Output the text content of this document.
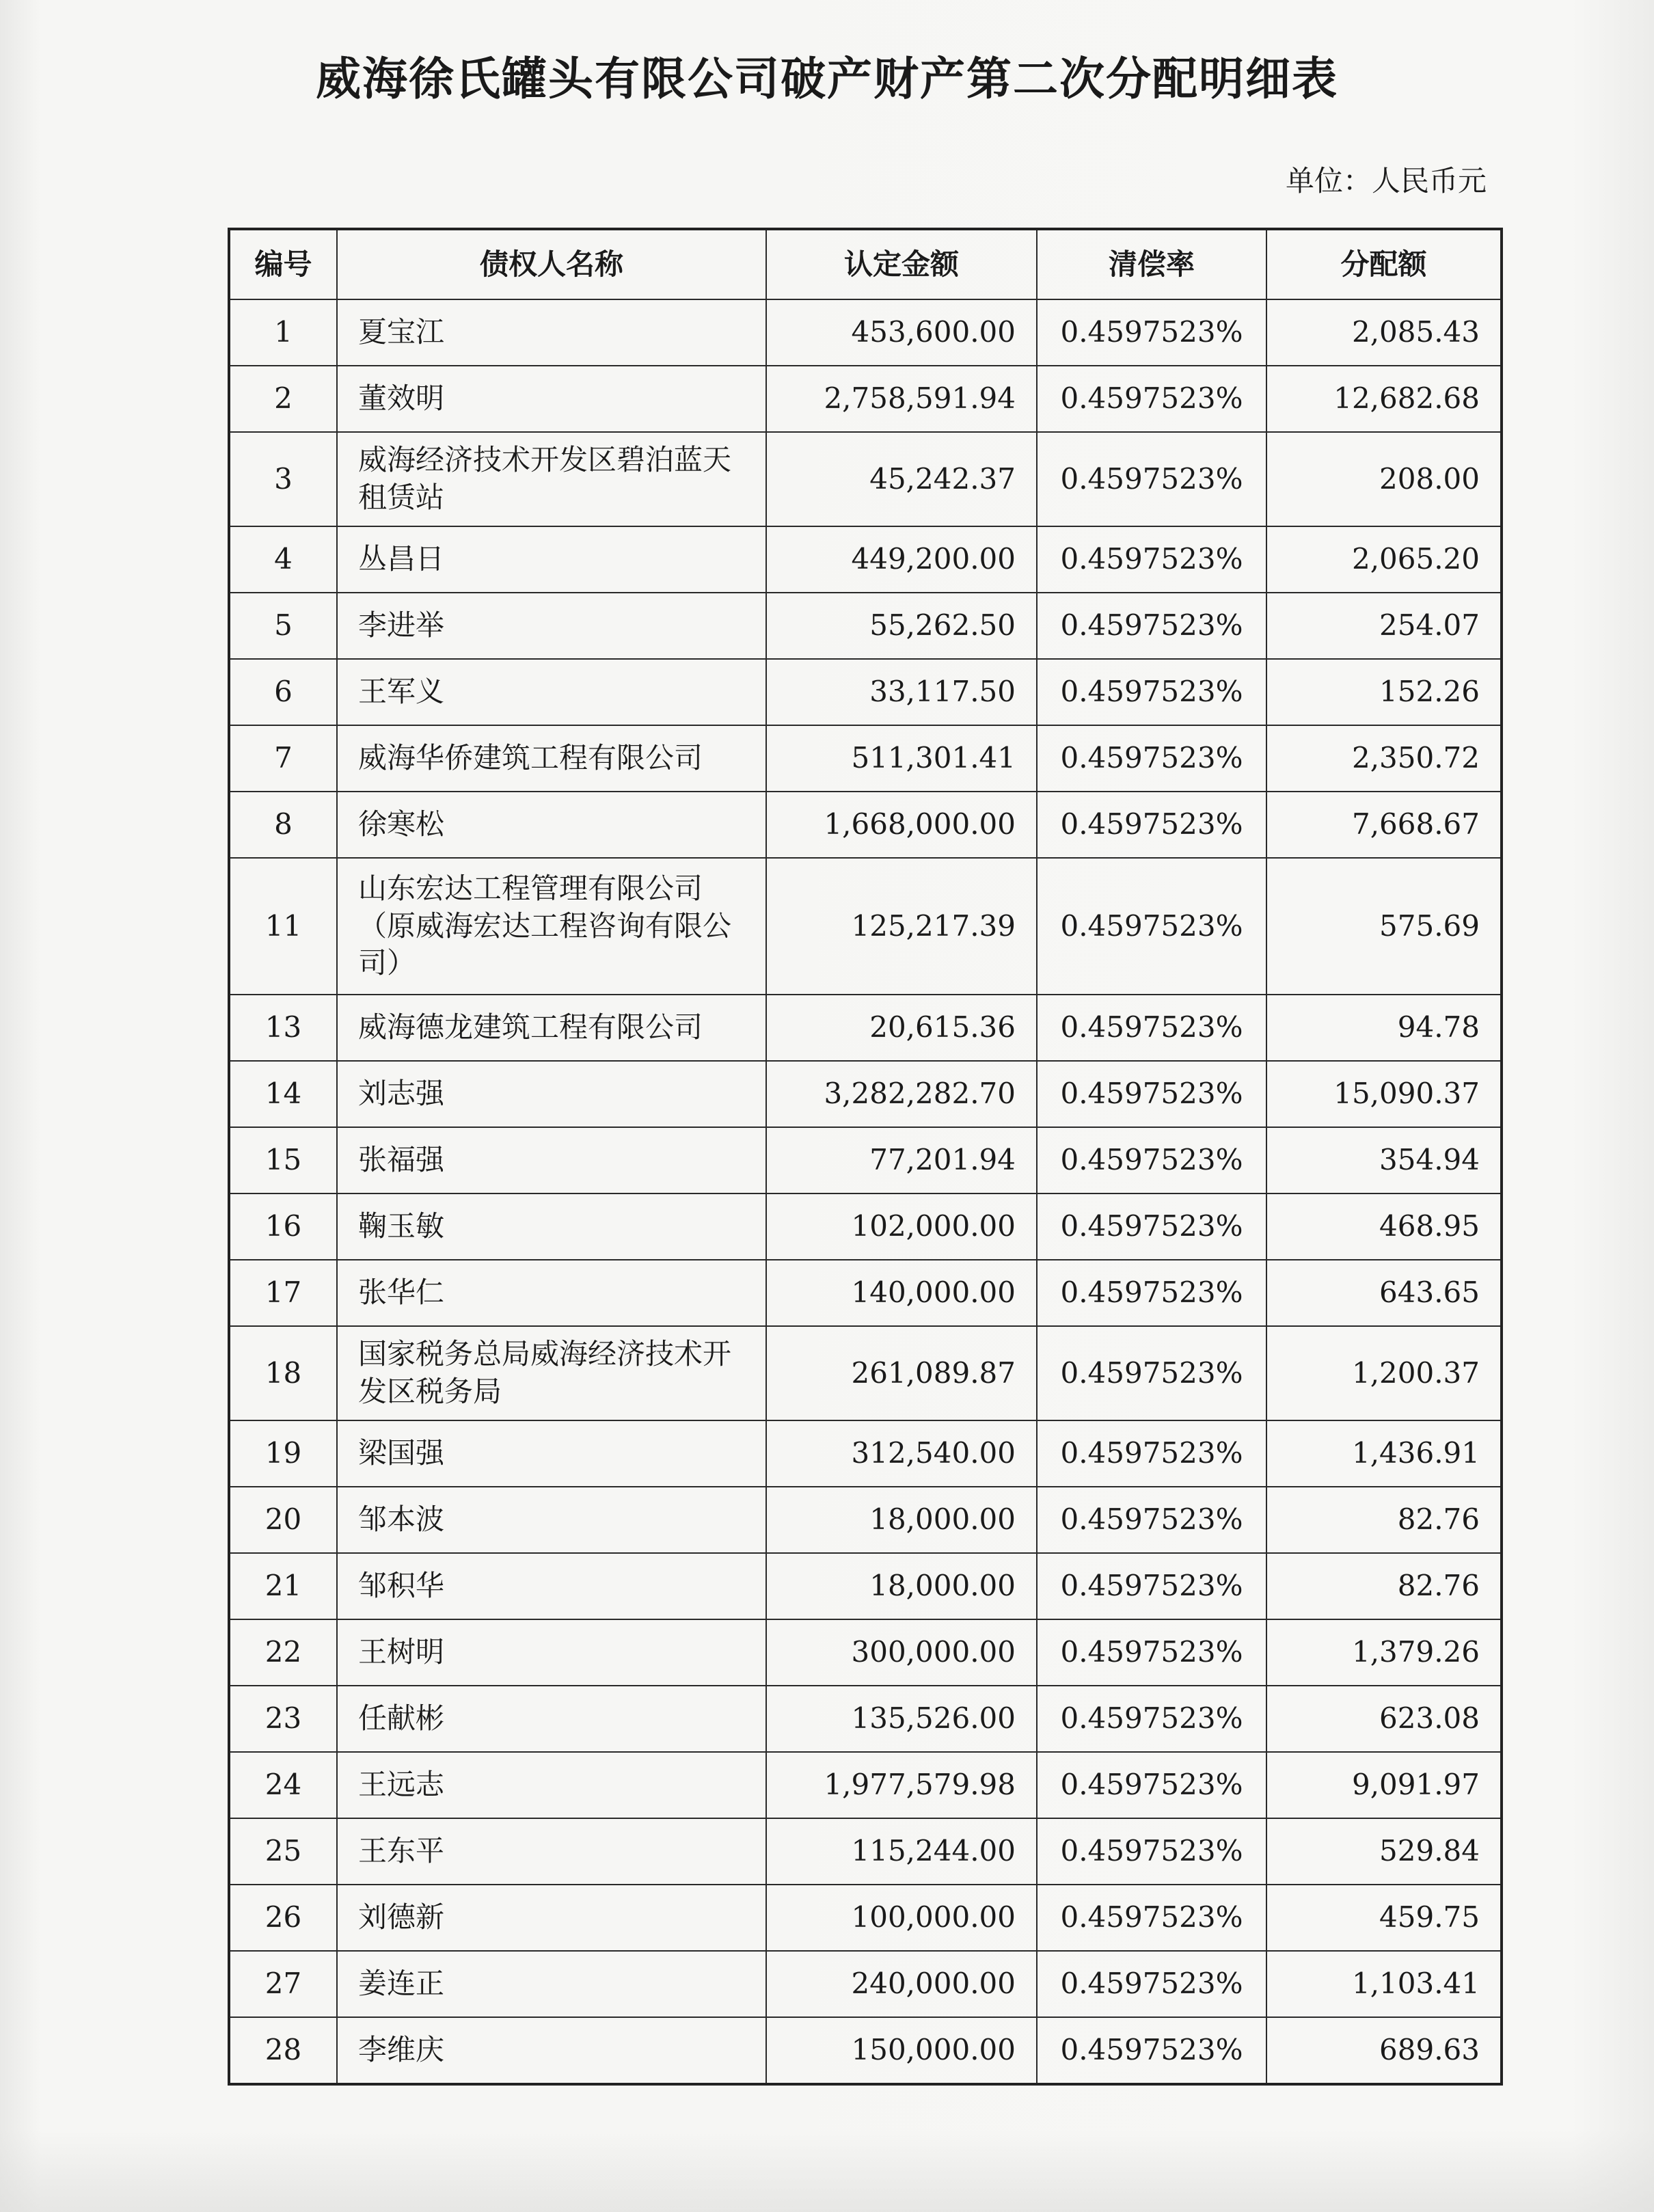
威海徐氏罐头有限公司破产财产第二次分配明细表
单位：人民币元
编号	债权人名称	认定金额	清偿率	分配额
1	夏宝江	453,600.00	0.4597523%	2,085.43
2	董效明	2,758,591.94	0.4597523%	12,682.68
3	威海经济技术开发区碧泊蓝天租赁站	45,242.37	0.4597523%	208.00
4	丛昌日	449,200.00	0.4597523%	2,065.20
5	李进举	55,262.50	0.4597523%	254.07
6	王军义	33,117.50	0.4597523%	152.26
7	威海华侨建筑工程有限公司	511,301.41	0.4597523%	2,350.72
8	徐寒松	1,668,000.00	0.4597523%	7,668.67
11	山东宏达工程管理有限公司（原威海宏达工程咨询有限公司）	125,217.39	0.4597523%	575.69
13	威海德龙建筑工程有限公司	20,615.36	0.4597523%	94.78
14	刘志强	3,282,282.70	0.4597523%	15,090.37
15	张福强	77,201.94	0.4597523%	354.94
16	鞠玉敏	102,000.00	0.4597523%	468.95
17	张华仁	140,000.00	0.4597523%	643.65
18	国家税务总局威海经济技术开发区税务局	261,089.87	0.4597523%	1,200.37
19	梁国强	312,540.00	0.4597523%	1,436.91
20	邹本波	18,000.00	0.4597523%	82.76
21	邹积华	18,000.00	0.4597523%	82.76
22	王树明	300,000.00	0.4597523%	1,379.26
23	任献彬	135,526.00	0.4597523%	623.08
24	王远志	1,977,579.98	0.4597523%	9,091.97
25	王东平	115,244.00	0.4597523%	529.84
26	刘德新	100,000.00	0.4597523%	459.75
27	姜连正	240,000.00	0.4597523%	1,103.41
28	李维庆	150,000.00	0.4597523%	689.63
